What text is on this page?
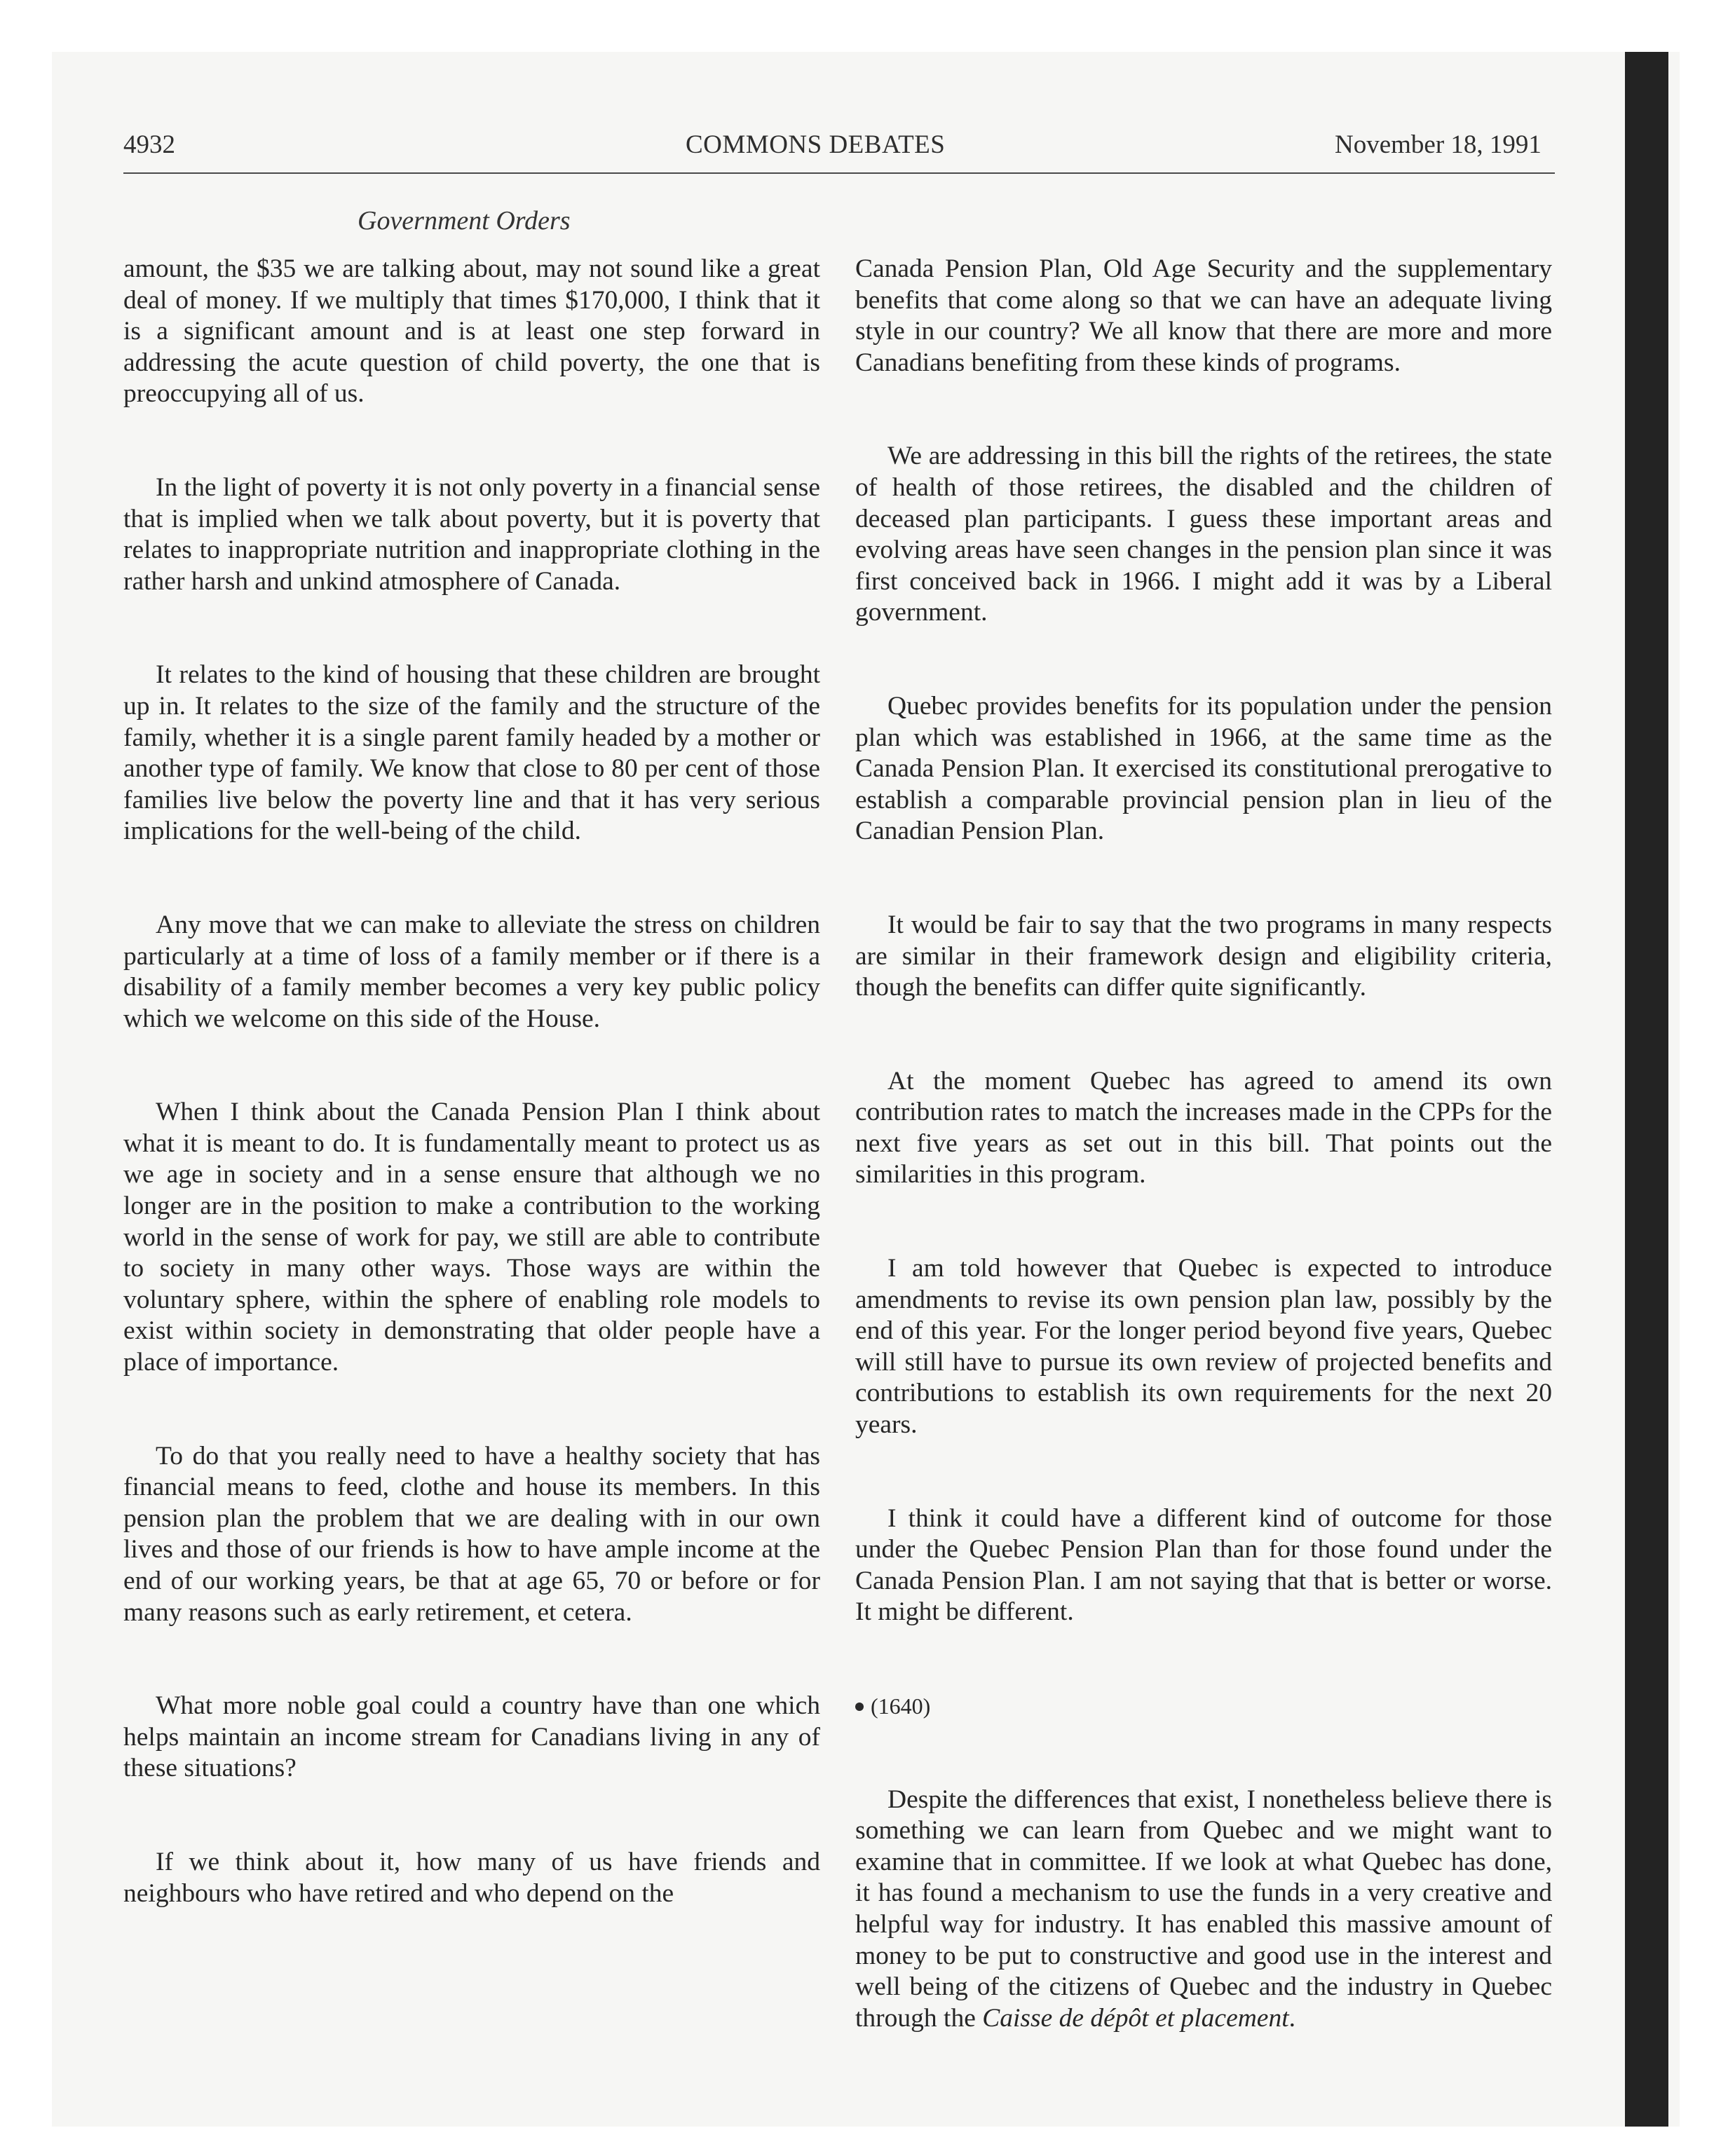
4932	COMMONS DEBATES	November 18, 1991
Government Orders

amount, the $35 we are talking about, may not sound like a great deal of money. If we multiply that times $170,000, I think that it is a significant amount and is at least one step forward in addressing the acute question of child poverty, the one that is preoccupying all of us.

In the light of poverty it is not only poverty in a financial sense that is implied when we talk about poverty, but it is poverty that relates to inappropriate nutrition and inappropriate clothing in the rather harsh and unkind atmosphere of Canada.

It relates to the kind of housing that these children are brought up in. It relates to the size of the family and the structure of the family, whether it is a single parent family headed by a mother or another type of family. We know that close to 80 per cent of those families live below the poverty line and that it has very serious implications for the well-being of the child.

Any move that we can make to alleviate the stress on children particularly at a time of loss of a family member or if there is a disability of a family member becomes a very key public policy which we welcome on this side of the House.

When I think about the Canada Pension Plan I think about what it is meant to do. It is fundamentally meant to protect us as we age in society and in a sense ensure that although we no longer are in the position to make a contribution to the working world in the sense of work for pay, we still are able to contribute to society in many other ways. Those ways are within the voluntary sphere, within the sphere of enabling role models to exist within society in demonstrating that older people have a place of importance.

To do that you really need to have a healthy society that has financial means to feed, clothe and house its members. In this pension plan the problem that we are dealing with in our own lives and those of our friends is how to have ample income at the end of our working years, be that at age 65, 70 or before or for many reasons such as early retirement, et cetera.

What more noble goal could a country have than one which helps maintain an income stream for Canadians living in any of these situations?

If we think about it, how many of us have friends and neighbours who have retired and who depend on the

Canada Pension Plan, Old Age Security and the supplementary benefits that come along so that we can have an adequate living style in our country? We all know that there are more and more Canadians benefiting from these kinds of programs.

We are addressing in this bill the rights of the retirees, the state of health of those retirees, the disabled and the children of deceased plan participants. I guess these important areas and evolving areas have seen changes in the pension plan since it was first conceived back in 1966. I might add it was by a Liberal government.

Quebec provides benefits for its population under the pension plan which was established in 1966, at the same time as the Canada Pension Plan. It exercised its constitutional prerogative to establish a comparable provincial pension plan in lieu of the Canadian Pension Plan.

It would be fair to say that the two programs in many respects are similar in their framework design and eligibility criteria, though the benefits can differ quite significantly.

At the moment Quebec has agreed to amend its own contribution rates to match the increases made in the CPPs for the next five years as set out in this bill. That points out the similarities in this program.

I am told however that Quebec is expected to introduce amendments to revise its own pension plan law, possibly by the end of this year. For the longer period beyond five years, Quebec will still have to pursue its own review of projected benefits and contributions to establish its own requirements for the next 20 years.

I think it could have a different kind of outcome for those under the Quebec Pension Plan than for those found under the Canada Pension Plan. I am not saying that that is better or worse. It might be different.

(1640)

Despite the differences that exist, I nonetheless believe there is something we can learn from Quebec and we might want to examine that in committee. If we look at what Quebec has done, it has found a mechanism to use the funds in a very creative and helpful way for industry. It has enabled this massive amount of money to be put to constructive and good use in the interest and well being of the citizens of Quebec and the industry in Quebec through the Caisse de dépôt et placement.
